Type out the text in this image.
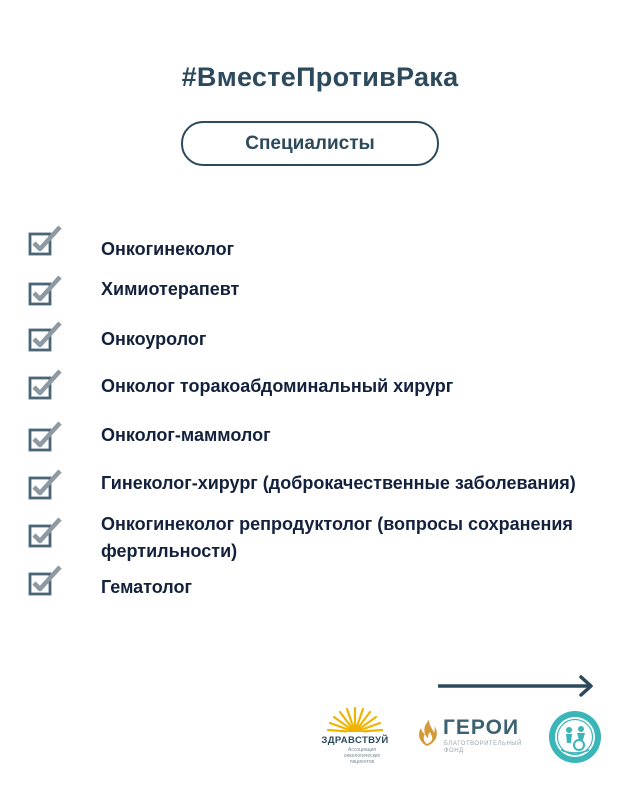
#ВместеПротивРака
Специалисты
Онкогинеколог
Химиотерапевт
Онкоуролог
Онколог торакоабдоминальный хирург
Онколог-маммолог
Гинеколог-хирург (доброкачественные заболевания)
Онкогинеколог репродуктолог (вопросы сохранения фертильности)
Гематолог
ЗДРАВСТВУЙ
Ассоциация онкологических пациентов
ГЕРОИ
БЛАГОТВОРИТЕЛЬНЫЙ ФОНД
